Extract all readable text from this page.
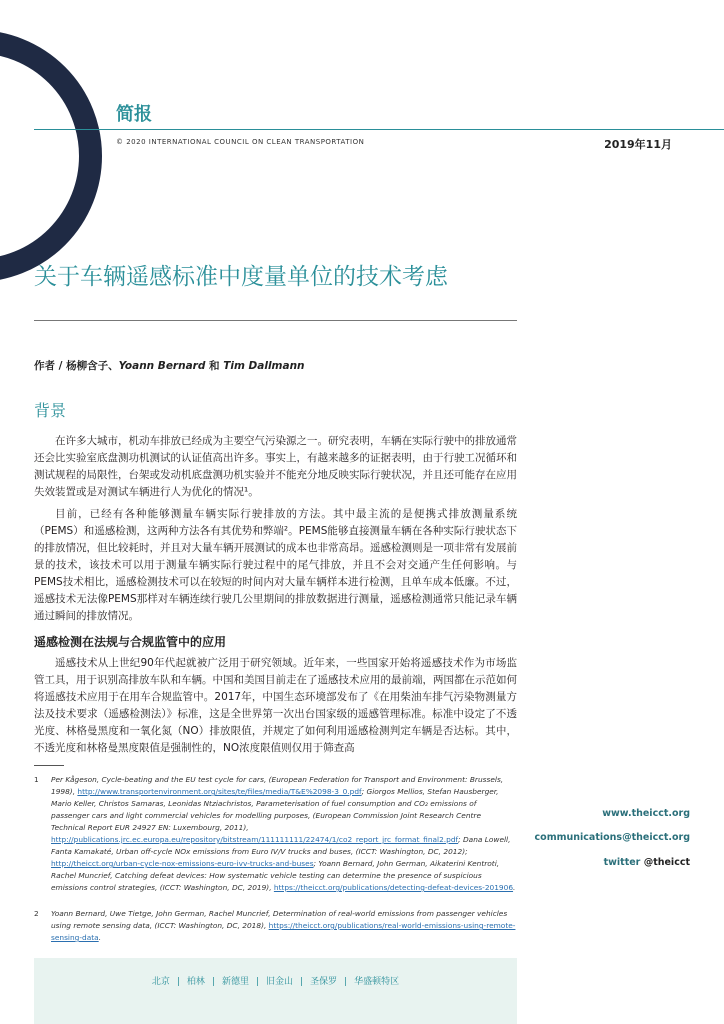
简报
© 2020 INTERNATIONAL COUNCIL ON CLEAN TRANSPORTATION	2019年11月
关于车辆遥感标准中度量单位的技术考虑
作者 / 杨柳含子、Yoann Bernard 和 Tim Dallmann
背景

在许多大城市，机动车排放已经成为主要空气污染源之一。研究表明，车辆在实际行驶中的排放通常还会比实验室底盘测功机测试的认证值高出许多。事实上，有越来越多的证据表明，由于行驶工况循环和测试规程的局限性，台架或发动机底盘测功机实验并不能充分地反映实际行驶状况，并且还可能存在应用失效装置或是对测试车辆进行人为优化的情况¹。

目前，已经有各种能够测量车辆实际行驶排放的方法。其中最主流的是便携式排放测量系统（PEMS）和遥感检测，这两种方法各有其优势和弊端²。PEMS能够直接测量车辆在各种实际行驶状态下的排放情况，但比较耗时，并且对大量车辆开展测试的成本也非常高昂。遥感检测则是一项非常有发展前景的技术，该技术可以用于测量车辆实际行驶过程中的尾气排放，并且不会对交通产生任何影响。与PEMS技术相比，遥感检测技术可以在较短的时间内对大量车辆样本进行检测，且单车成本低廉。不过，遥感技术无法像PEMS那样对车辆连续行驶几公里期间的排放数据进行测量，遥感检测通常只能记录车辆通过瞬间的排放情况。

遥感检测在法规与合规监管中的应用

遥感技术从上世纪90年代起就被广泛用于研究领域。近年来，一些国家开始将遥感技术作为市场监管工具，用于识别高排放车队和车辆。中国和美国目前走在了遥感技术应用的最前端，两国都在示范如何将遥感技术应用于在用车合规监管中。2017年，中国生态环境部发布了《在用柴油车排气污染物测量方法及技术要求（遥感检测法）》标准，这是全世界第一次出台国家级的遥感管理标准。标准中设定了不透光度、林格曼黑度和一氧化氮（NO）排放限值，并规定了如何利用遥感检测判定车辆是否达标。其中，不透光度和林格曼黑度限值是强制性的，NO浓度限值则仅用于筛查高

1 Per Kågeson, Cycle-beating and the EU test cycle for cars, (European Federation for Transport and Environment: Brussels, 1998), http://www.transportenvironment.org/sites/te/files/media/T&E%2098-3_0.pdf; Giorgos Mellios, Stefan Hausberger, Mario Keller, Christos Samaras, Leonidas Ntziachristos, Parameterisation of fuel consumption and CO₂ emissions of passenger cars and light commercial vehicles for modelling purposes, (European Commission Joint Research Centre Technical Report EUR 24927 EN: Luxembourg, 2011), http://publications.jrc.ec.europa.eu/repository/bitstream/111111111/22474/1/co2_report_jrc_format_final2.pdf; Dana Lowell, Fanta Kamakaté, Urban off-cycle NOx emissions from Euro IV/V trucks and buses, (ICCT: Washington, DC, 2012); http://theicct.org/urban-cycle-nox-emissions-euro-ivv-trucks-and-buses; Yoann Bernard, John German, Aikaterini Kentroti, Rachel Muncrief, Catching defeat devices: How systematic vehicle testing can determine the presence of suspicious emissions control strategies, (ICCT: Washington, DC, 2019), https://theicct.org/publications/detecting-defeat-devices-201906.
2 Yoann Bernard, Uwe Tietge, John German, Rachel Muncrief, Determination of real-world emissions from passenger vehicles using remote sensing data, (ICCT: Washington, DC, 2018), https://theicct.org/publications/real-world-emissions-using-remote-sensing-data.
www.theicct.org
communications@theicct.org
twitter @theicct
北京 | 柏林 | 新德里 | 旧金山 | 圣保罗 | 华盛顿特区
